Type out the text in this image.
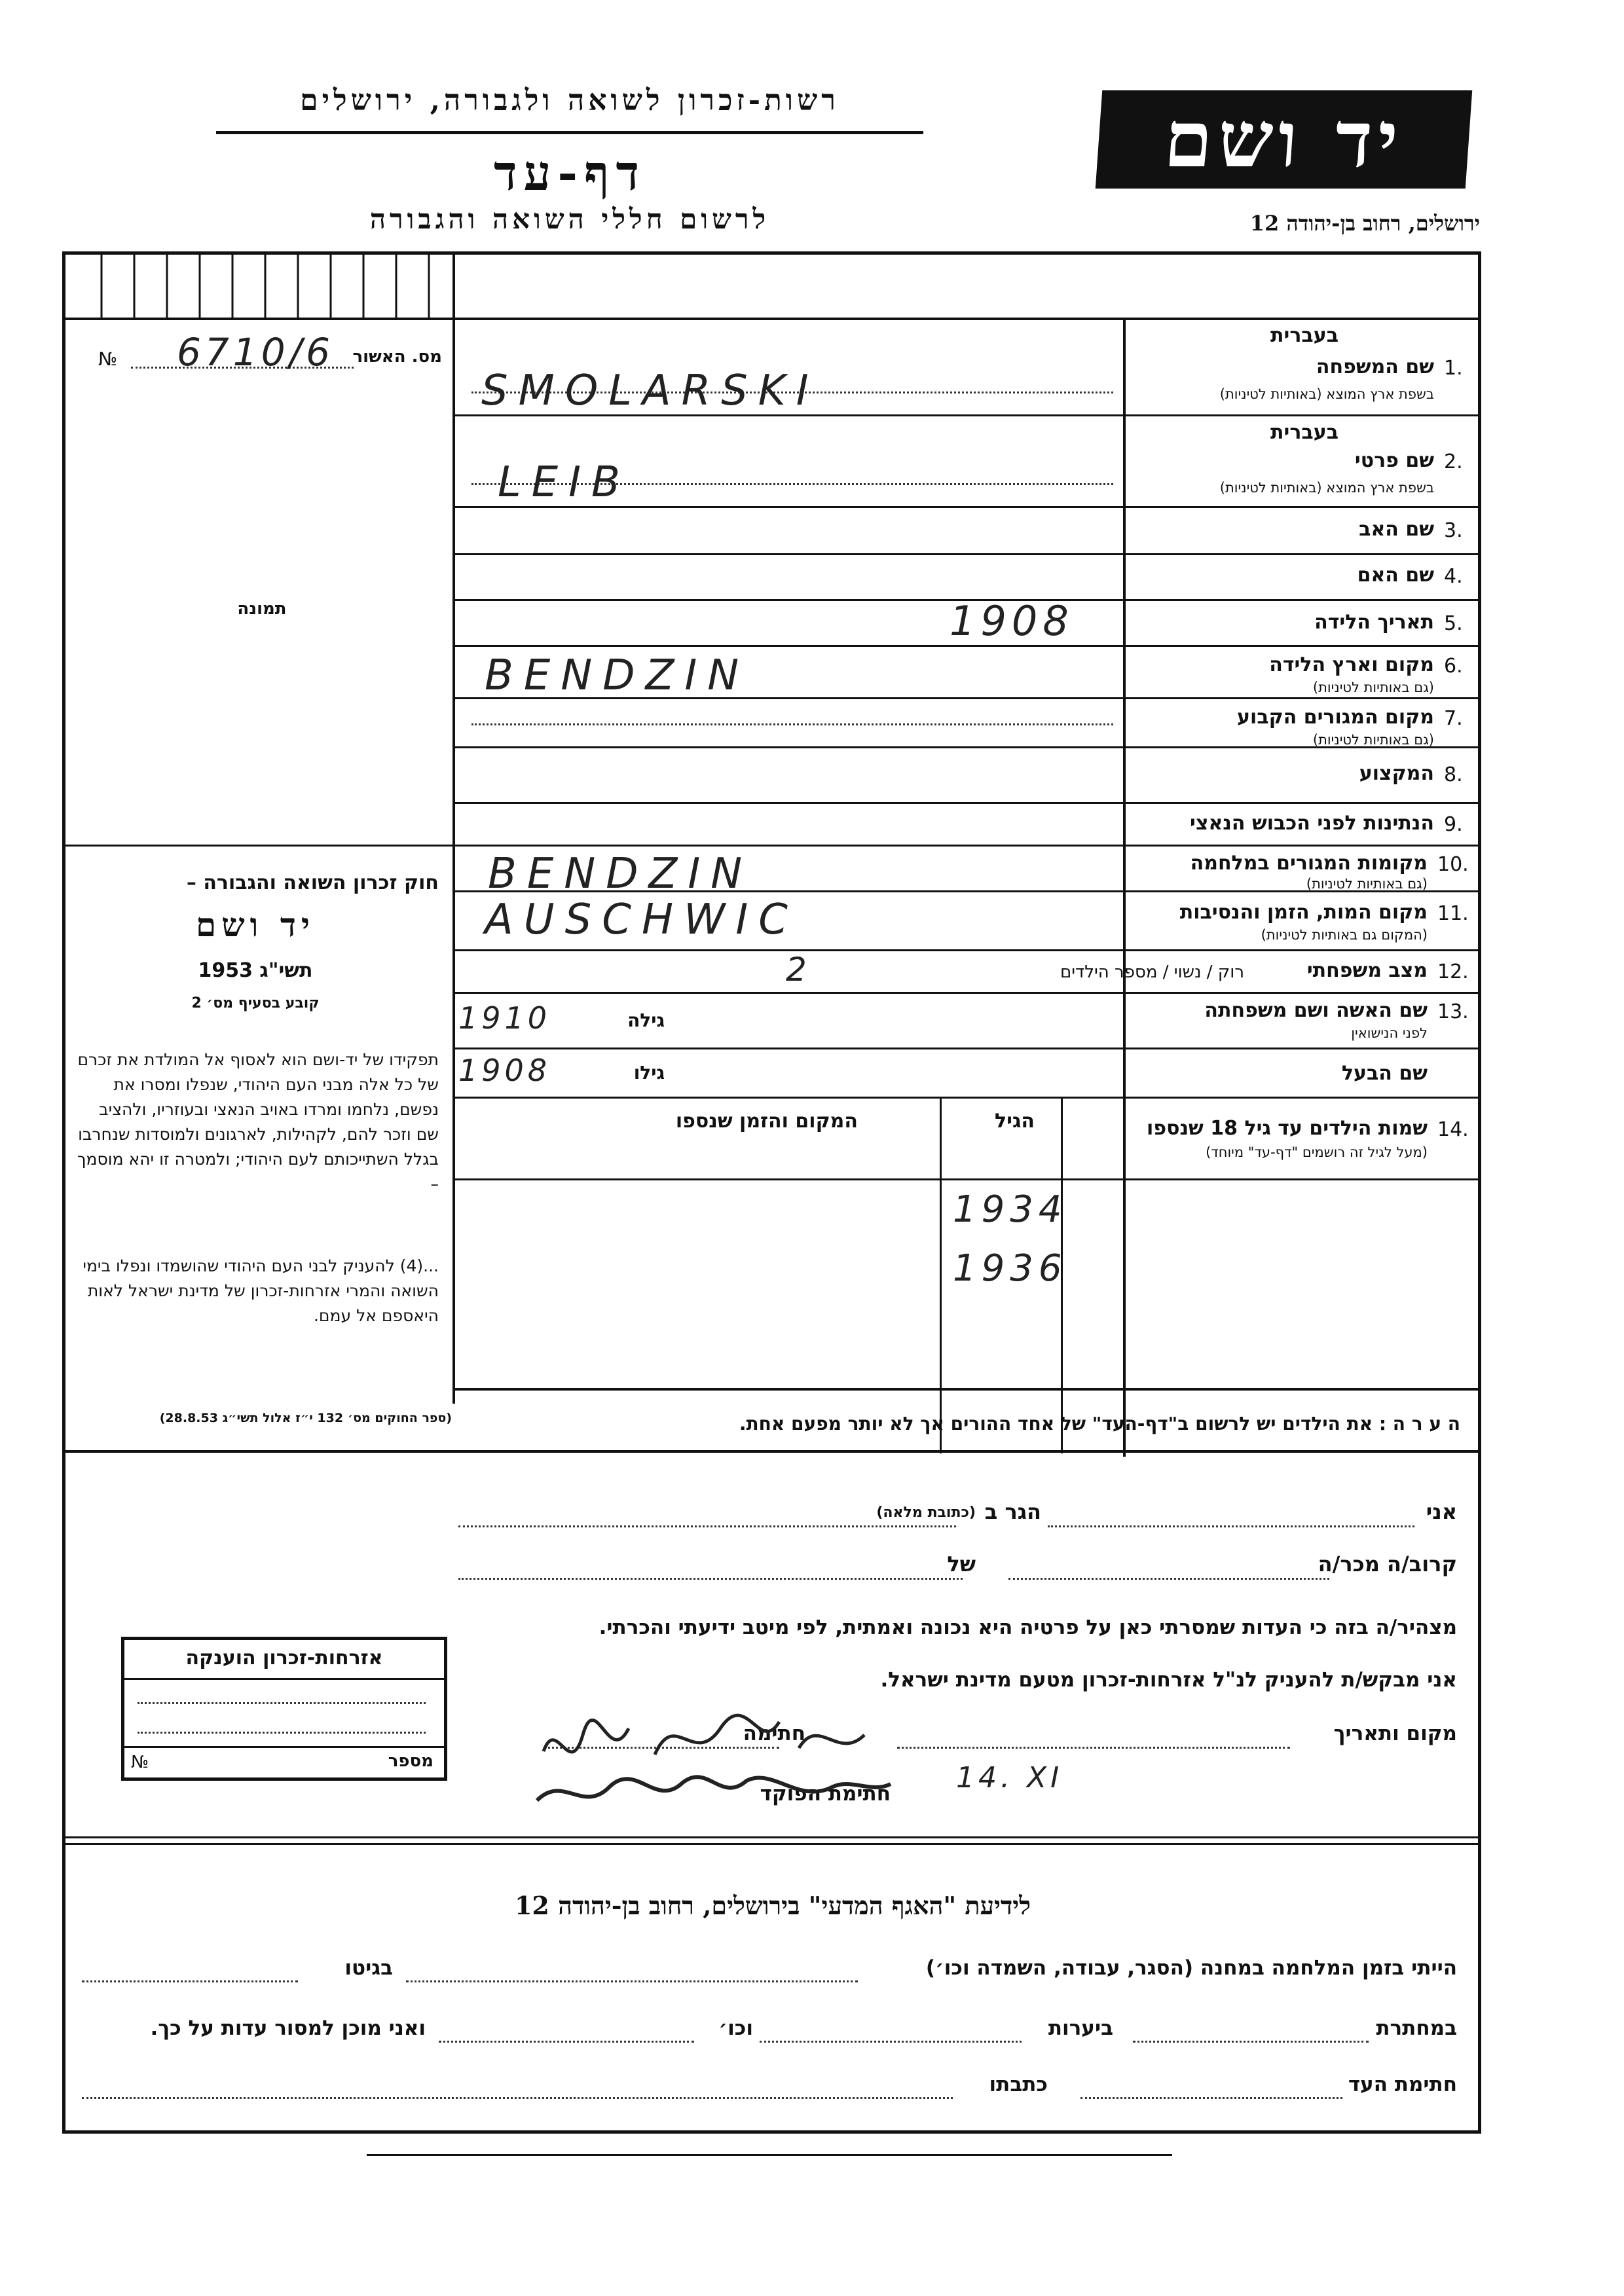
רשות-זכרון לשואה ולגבורה, ירושלים
דף-עד
לרשום חללי השואה והגבורה
יד ושם
ירושלים, רחוב בן-יהודה 12
№ 6710/6 מס. האשור
תמונה
חוק זכרון השואה והגבורה –
יד ושם
תשי"ג 1953
קובע בסעיף מס׳ 2
תפקידו של יד-ושם הוא לאסוף אל המולדת את זכרם של כל אלה מבני העם היהודי, שנפלו ומסרו את נפשם, נלחמו ומרדו באויב הנאצי ובעוזריו, ולהציב שם וזכר להם, לקהילות, לארגונים ולמוסדות שנחרבו בגלל השתייכותם לעם היהודי; ולמטרה זו יהא מוסמך –
...(4) להעניק לבני העם היהודי שהושמדו ונפלו בימי השואה והמרי אזרחות-זכרון של מדינת ישראל לאות היאספם אל עמם.
(ספר החוקים מס׳ 132 י״ז אלול תשי״ג 28.8.53)
בעברית
1.
שם המשפחה
בשפת ארץ המוצא (באותיות לטיניות)
SMOLARSKI
בעברית
2.
שם פרטי
בשפת ארץ המוצא (באותיות לטיניות)
LEIB
3.
שם האב
4.
שם האם
5.
תאריך הלידה
1908
6.
מקום וארץ הלידה
(גם באותיות לטיניות)
BENDZIN
7.
מקום המגורים הקבוע
(גם באותיות לטיניות)
8.
המקצוע
9.
הנתינות לפני הכבוש הנאצי
10.
מקומות המגורים במלחמה
(גם באותיות לטיניות)
BENDZIN
11.
מקום המות, הזמן והנסיבות
(המקום גם באותיות לטיניות)
AUSCHWIC
12.
מצב משפחתי
רוק / נשוי / מספר הילדים
2
13.
שם האשה ושם משפחתה
לפני הנישואין
גילה
1910
שם הבעל
גילו
1908
14.
שמות הילדים עד גיל 18 שנספו
(מעל לגיל זה רושמים "דף-עד" מיוחד)
הגיל
המקום והזמן שנספו
1934
1936
ה ע ר ה : את הילדים יש לרשום ב"דף-העד" של אחד ההורים אך לא יותר מפעם אחת.
אני
הגר ב
(כתובת מלאה)
קרוב/ה מכר/ה
של
מצהיר/ה בזה כי העדות שמסרתי כאן על פרטיה היא נכונה ואמתית, לפי מיטב ידיעתי והכרתי.
אני מבקש/ת להעניק לנ"ל אזרחות-זכרון מטעם מדינת ישראל.
מקום ותאריך
חתימה
חתימת הפוקד 14. XI
אזרחות-זכרון הוענקה
№	מספר
לידיעת "האגף המדעי" בירושלים, רחוב בן-יהודה 12
הייתי בזמן המלחמה במחנה (הסגר, עבודה, השמדה וכו׳)
בגיטו
במחתרת
ביערות
וכו׳
ואני מוכן למסור עדות על כך.
חתימת העד
כתבתו
